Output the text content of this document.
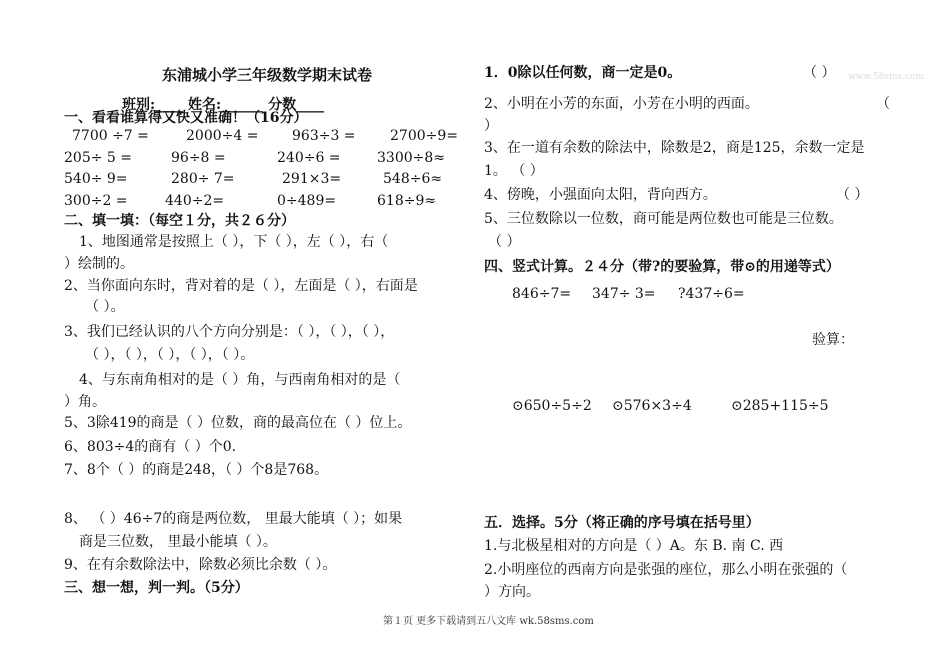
东浦城小学三年级数学期末试卷
班别:____ 姓名:______ 分数____
一、看看谁算得又快又准确！（16分）
7700 ÷7 =	2000÷4 = 963÷3 = 2700÷9=
205÷ 5 =	96÷8 =	240÷6 =	3300÷8≈
540÷ 9=	280÷ 7=	291×3=	548÷6≈
300÷2 =	440÷2=	0÷489=	618÷9≈
二、填一填：（每空１分，共２６分）
1、地图通常是按照上（ ），下（ ），左（ ），右（
）绘制的。
2、当你面向东时，背对着的是（ ），左面是（ ），右面是
（ ）。
3、我们已经认识的八个方向分别是：（ ），（ ），（ ），
（ ），（ ），（ ），（ ），（ ）。
4、与东南角相对的是（ ）角，与西南角相对的是（
）角。
5、3除419的商是（ ）位数，商的最高位在（ ）位上。
6、803÷4的商有（ ）个0.
7、8个（ ）的商是248，（ ）个8是768。
8、 （ ）46÷7的商是两位数， 里最大能填（ ）；如果
商是三位数， 里最小能填（ ）。
9、在有余数除法中，除数必须比余数（ ）。
三、想一想，判一判。（5分）
1．0除以任何数，商一定是0。	（ ） www.58sms.com
2、小明在小芳的东面，小芳在小明的西面。	（
）
3、在一道有余数的除法中，除数是2，商是125，余数一定是
1。 （ ）
4、傍晚，小强面向太阳，背向西方。	（ ）
5、三位数除以一位数，商可能是两位数也可能是三位数。
（ ）
四、竖式计算。２４分（带?的要验算，带⊙的用递等式）
846÷7= 347÷ 3= ?437÷6=
验算：
⊙650÷5÷2 ⊙576×3÷4	⊙285+115÷5
五．选择。5分（将正确的序号填在括号里）
1.与北极星相对的方向是（ ）A。东 B. 南 C. 西
2.小明座位的西南方向是张强的座位，那么小明在张强的（
）方向。
第１页 更多下载请到五八文库 wk.58sms.com
